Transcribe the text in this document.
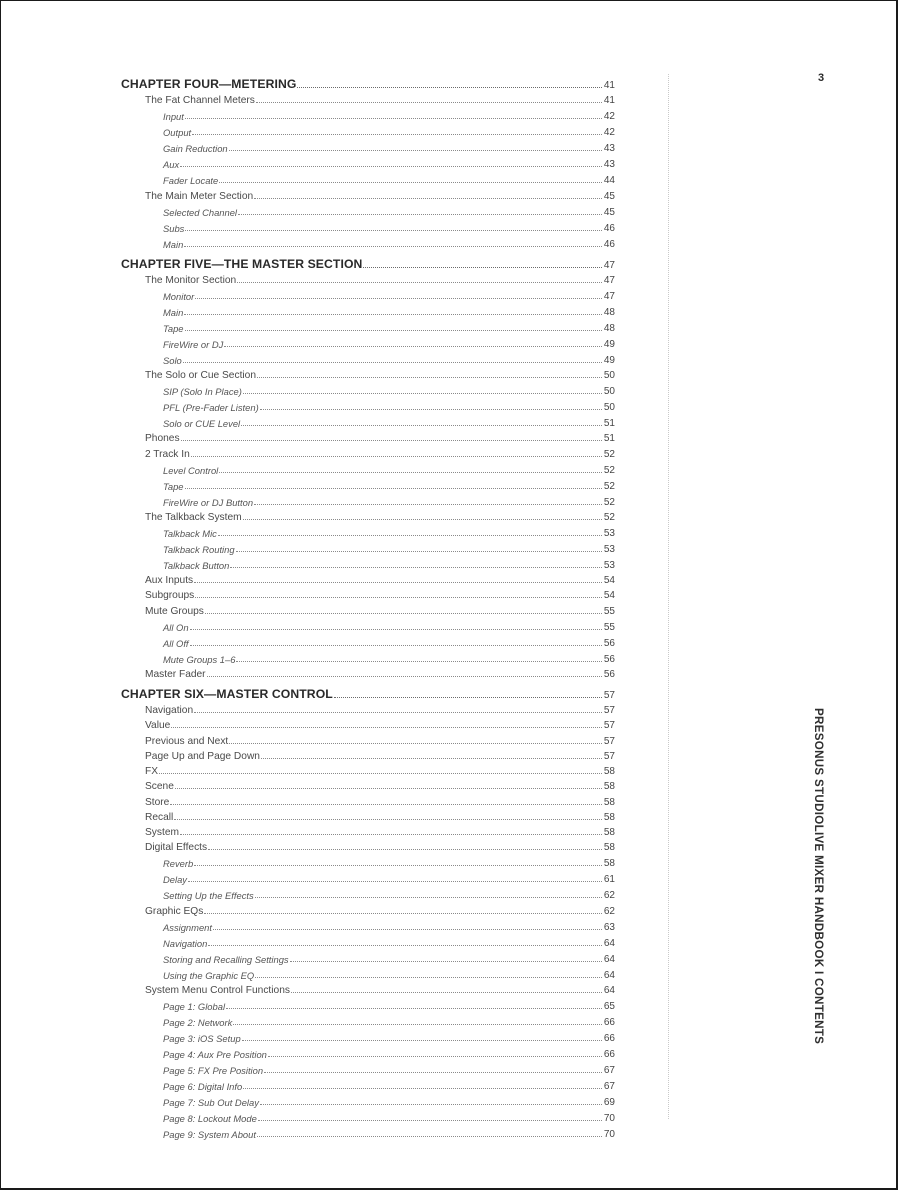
CHAPTER FOUR—METERING	41
The Fat Channel Meters	41
Input	42
Output	42
Gain Reduction	43
Aux	43
Fader Locate	44
The Main Meter Section	45
Selected Channel	45
Subs	46
Main	46
CHAPTER FIVE—THE MASTER SECTION	47
The Monitor Section	47
Monitor	47
Main	48
Tape	48
FireWire or DJ	49
Solo	49
The Solo or Cue Section	50
SIP (Solo In Place)	50
PFL (Pre-Fader Listen)	50
Solo or CUE Level	51
Phones	51
2 Track In	52
Level Control	52
Tape	52
FireWire or DJ Button	52
The Talkback System	52
Talkback Mic	53
Talkback Routing	53
Talkback Button	53
Aux Inputs	54
Subgroups	54
Mute Groups	55
All On	55
All Off	56
Mute Groups 1–6	56
Master Fader	56
CHAPTER SIX—MASTER CONTROL	57
Navigation	57
Value	57
Previous and Next	57
Page Up and Page Down	57
FX	58
Scene	58
Store	58
Recall	58
System	58
Digital Effects	58
Reverb	58
Delay	61
Setting Up the Effects	62
Graphic EQs	62
Assignment	63
Navigation	64
Storing and Recalling Settings	64
Using the Graphic EQ	64
System Menu Control Functions	64
Page 1: Global	65
Page 2: Network	66
Page 3: iOS Setup	66
Page 4: Aux Pre Position	66
Page 5: FX Pre Position	67
Page 6: Digital Info	67
Page 7: Sub Out Delay	69
Page 8: Lockout Mode	70
Page 9: System About	70
3
PRESONUS STUDIOLIVE MIXER HANDBOOK I CONTENTS
